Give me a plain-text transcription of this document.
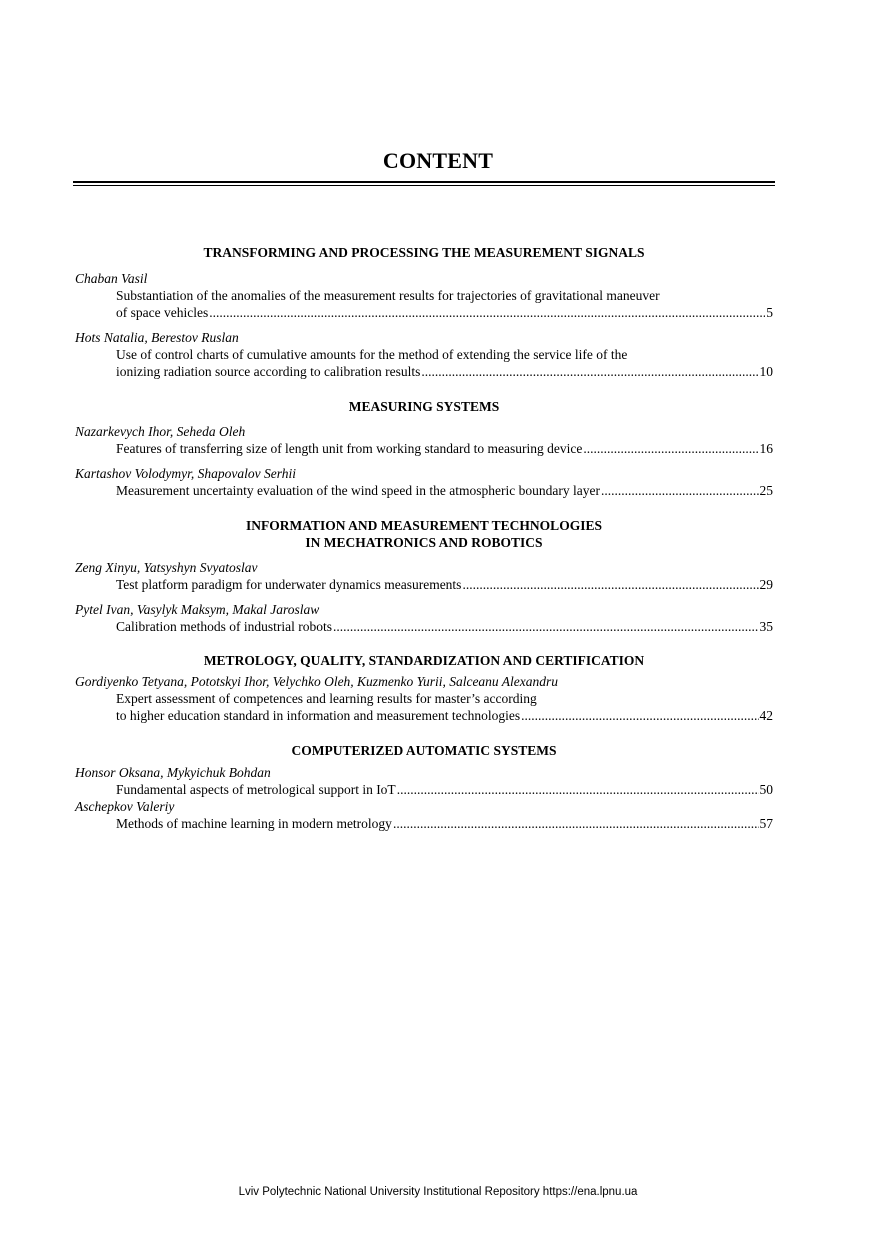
CONTENT

TRANSFORMING AND PROCESSING THE MEASUREMENT SIGNALS

Chaban Vasil
Substantiation of the anomalies of the measurement results for trajectories of gravitational maneuver
of space vehicles .....	5
Hots Natalia, Berestov Ruslan
Use of control charts of cumulative amounts for the method of extending the service life of the
ionizing radiation source according to calibration results .....	10

MEASURING SYSTEMS

Nazarkevych Ihor, Seheda Oleh
Features of transferring size of length unit from working standard to measuring device .....	16
Kartashov Volodymyr, Shapovalov Serhii
Measurement uncertainty evaluation of the wind speed in the atmospheric boundary layer .....	25

INFORMATION AND MEASUREMENT TECHNOLOGIES

IN MECHATRONICS AND ROBOTICS

Zeng Xinyu, Yatsyshyn Svyatoslav
Test platform paradigm for underwater dynamics measurements .....	29
Pytel Ivan, Vasylyk Maksym, Makal Jaroslaw
Calibration methods of industrial robots .....	35

METROLOGY, QUALITY, STANDARDIZATION AND CERTIFICATION

Gordiyenko Tetyana, Pototskyi Ihor, Velychko Oleh, Kuzmenko Yurii, Salceanu Alexandru
Expert assessment of competences and learning results for master’s according
to higher education standard in information and measurement technologies .....	42

COMPUTERIZED AUTOMATIC SYSTEMS

Honsor Oksana, Mykyichuk Bohdan
Fundamental aspects of metrological support in IoT .....	50
Aschepkov Valeriy
Methods of machine learning in modern metrology .....	57
Lviv Polytechnic National University Institutional Repository https://ena.lpnu.ua
